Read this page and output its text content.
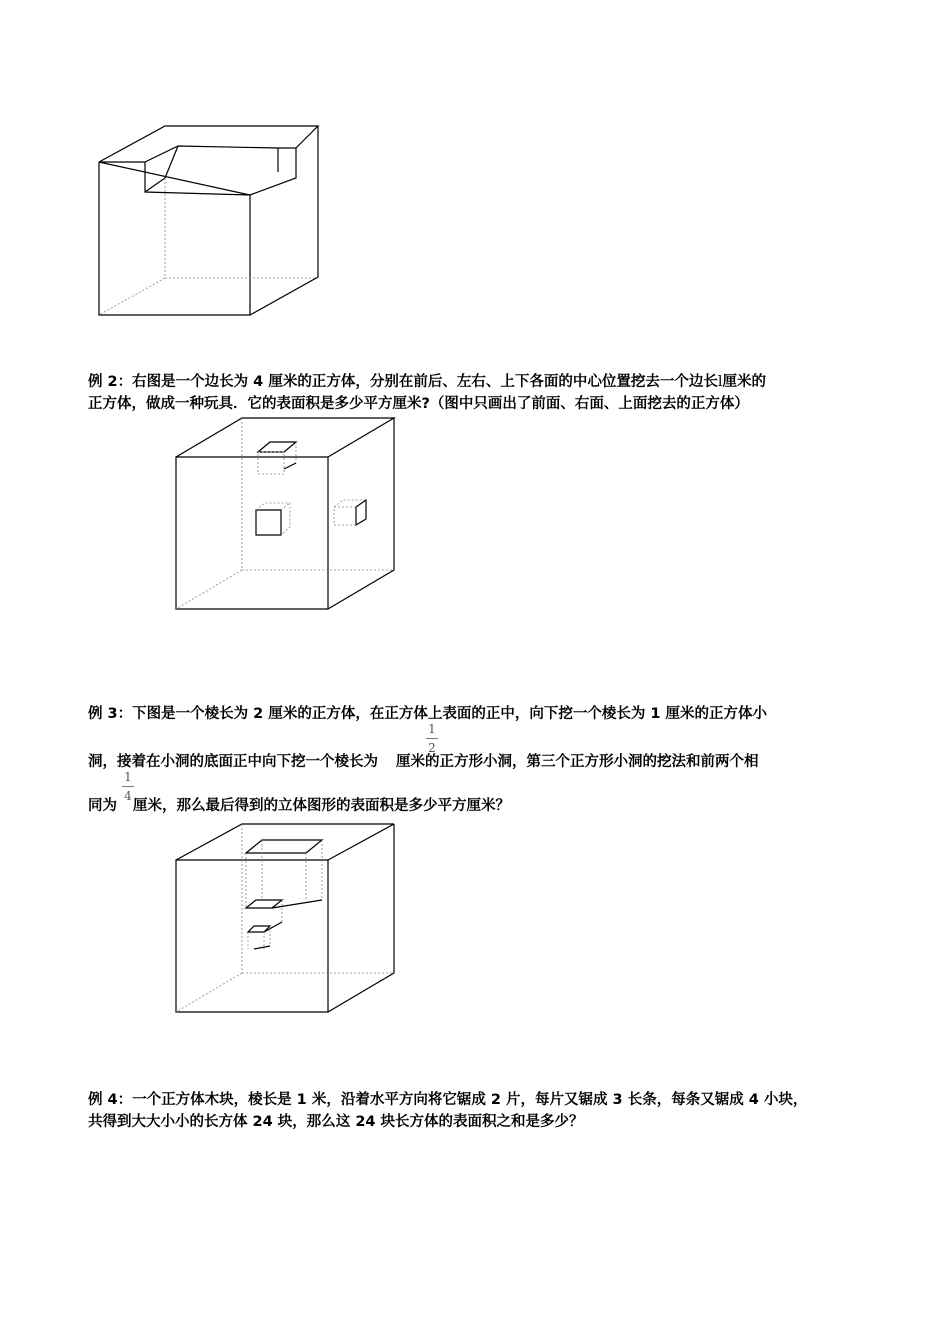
例 2：右图是一个边长为 4 厘米的正方体，分别在前后、左右、上下各面的中心位置挖去一个边长l厘米的
正方体，做成一种玩具．它的表面积是多少平方厘米?（图中只画出了前面、右面、上面挖去的正方体）
例 3：下图是一个棱长为 2 厘米的正方体，在正方体上表面的正中，向下挖一个棱长为 1 厘米的正方体小
1
2
洞，接着在小洞的底面正中向下挖一个棱长为 厘米的正方形小洞，第三个正方形小洞的挖法和前两个相
1
4
同为 厘米，那么最后得到的立体图形的表面积是多少平方厘米？
例 4：一个正方体木块，棱长是 1 米，沿着水平方向将它锯成 2 片，每片又锯成 3 长条，每条又锯成 4 小块，
共得到大大小小的长方体 24 块，那么这 24 块长方体的表面积之和是多少？
